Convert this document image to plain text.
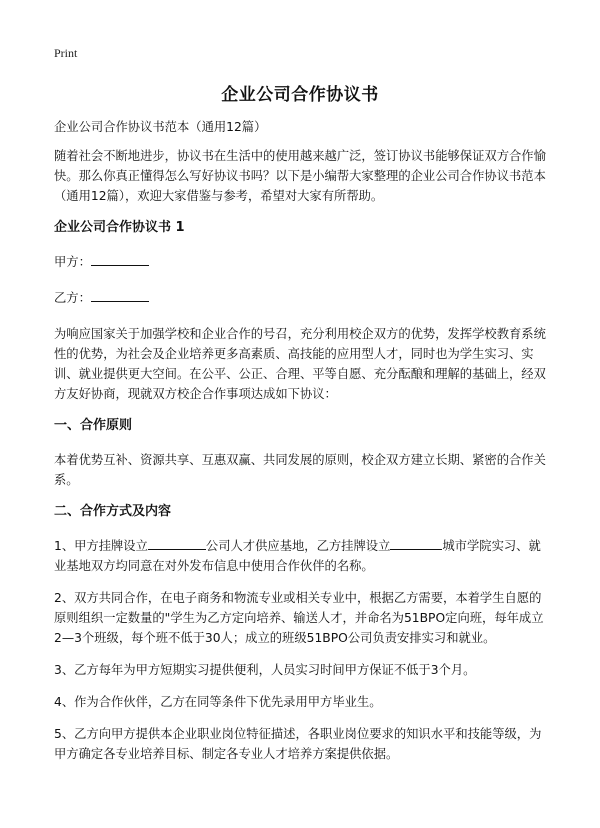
Print
企业公司合作协议书

企业公司合作协议书范本（通用12篇）

随着社会不断地进步，协议书在生活中的使用越来越广泛，签订协议书能够保证双方合作愉快。那么你真正懂得怎么写好协议书吗？以下是小编帮大家整理的企业公司合作协议书范本（通用12篇），欢迎大家借鉴与参考，希望对大家有所帮助。

企业公司合作协议书 1

甲方：

乙方：

为响应国家关于加强学校和企业合作的号召，充分利用校企双方的优势，发挥学校教育系统性的优势，为社会及企业培养更多高素质、高技能的应用型人才，同时也为学生实习、实训、就业提供更大空间。在公平、公正、合理、平等自愿、充分酝酿和理解的基础上，经双方友好协商，现就双方校企合作事项达成如下协议：

一、合作原则

本着优势互补、资源共享、互惠双赢、共同发展的原则，校企双方建立长期、紧密的合作关系。

二、合作方式及内容

1、甲方挂牌设立	公司人才供应基地，乙方挂牌设立	城市学院实习、就业基地双方均同意在对外发布信息中使用合作伙伴的名称。

2、双方共同合作，在电子商务和物流专业或相关专业中，根据乙方需要，本着学生自愿的原则组织一定数量的"学生为乙方定向培养、输送人才，并命名为51BPO定向班，每年成立2—3个班级，每个班不低于30人；成立的班级51BPO公司负责安排实习和就业。

3、乙方每年为甲方短期实习提供便利，人员实习时间甲方保证不低于3个月。

4、作为合作伙伴，乙方在同等条件下优先录用甲方毕业生。

5、乙方向甲方提供本企业职业岗位特征描述，各职业岗位要求的知识水平和技能等级，为甲方确定各专业培养目标、制定各专业人才培养方案提供依据。
